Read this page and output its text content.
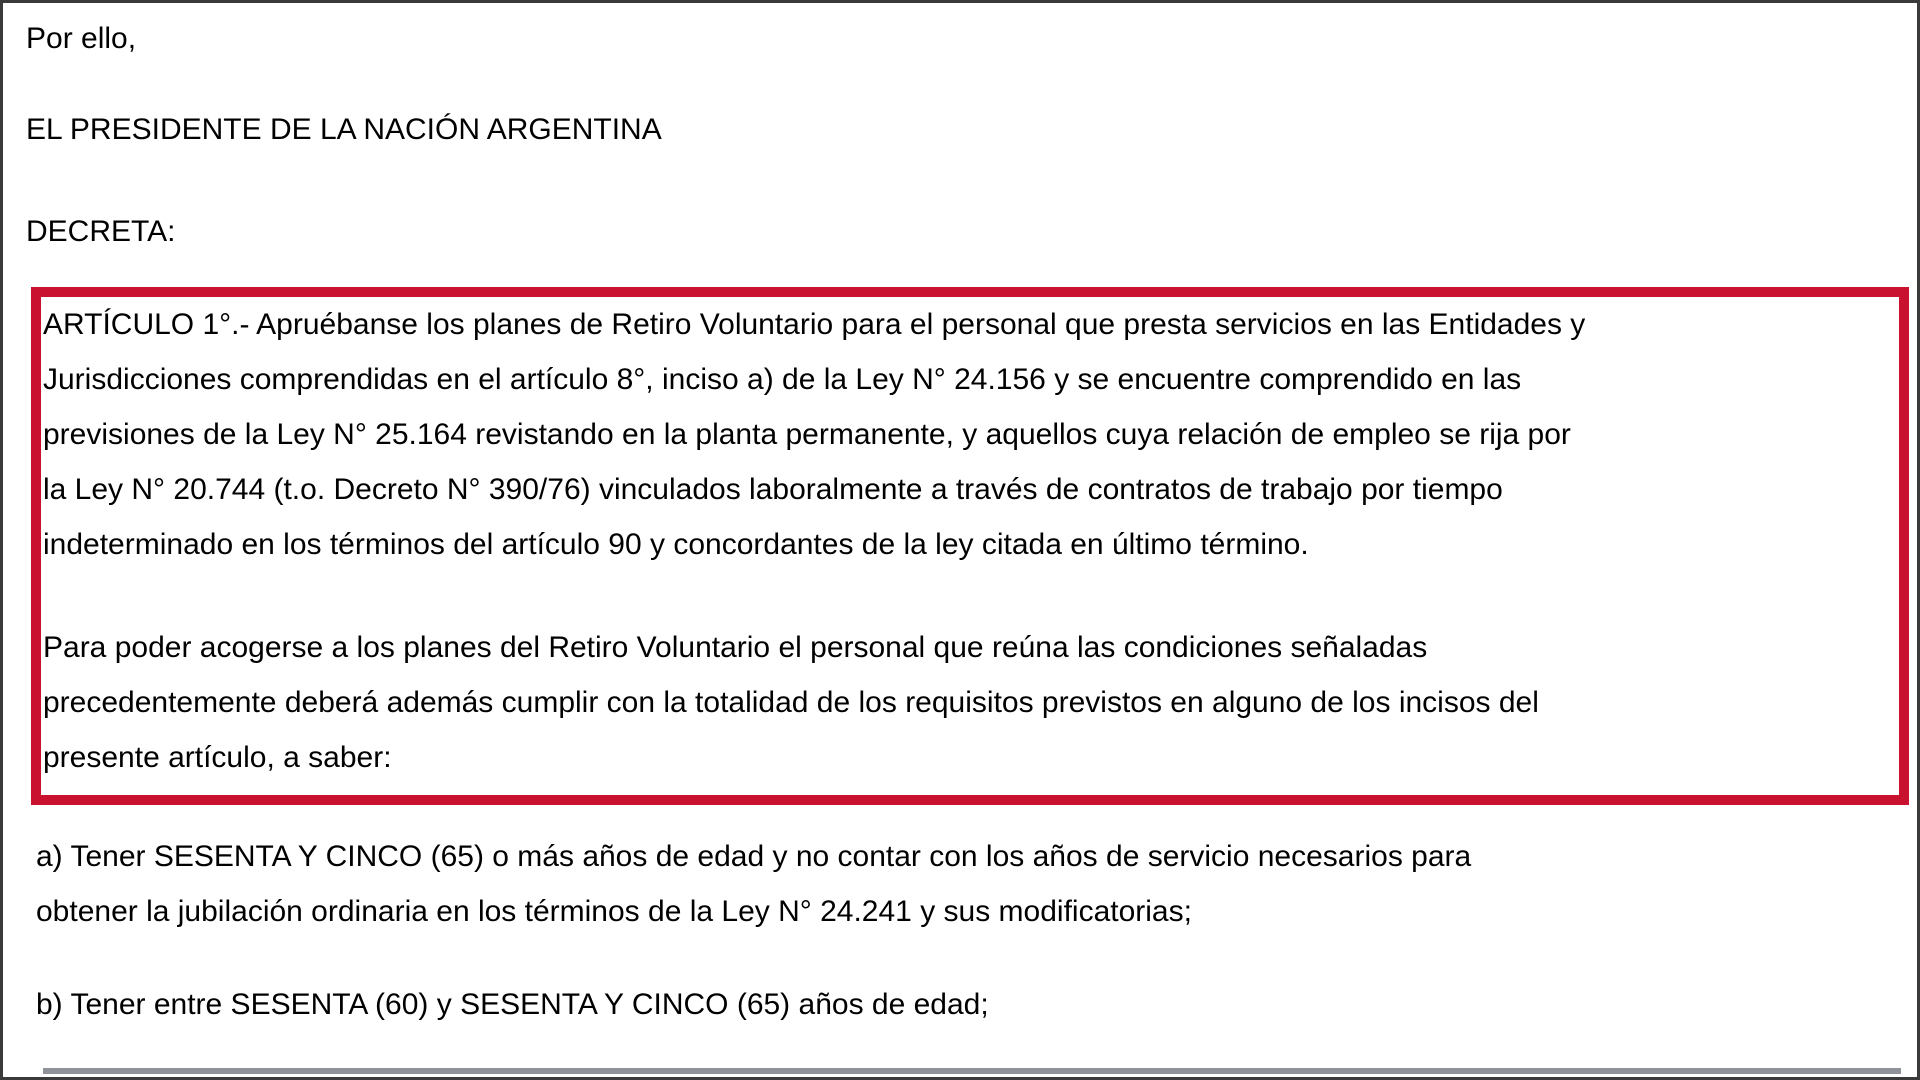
Por ello,
EL PRESIDENTE DE LA NACIÓN ARGENTINA
DECRETA:
ARTÍCULO 1°.- Apruébanse los planes de Retiro Voluntario para el personal que presta servicios en las Entidades y
Jurisdicciones comprendidas en el artículo 8°, inciso a) de la Ley N° 24.156 y se encuentre comprendido en las
previsiones de la Ley N° 25.164 revistando en la planta permanente, y aquellos cuya relación de empleo se rija por
la Ley N° 20.744 (t.o. Decreto N° 390/76) vinculados laboralmente a través de contratos de trabajo por tiempo
indeterminado en los términos del artículo 90 y concordantes de la ley citada en último término.
Para poder acogerse a los planes del Retiro Voluntario el personal que reúna las condiciones señaladas
precedentemente deberá además cumplir con la totalidad de los requisitos previstos en alguno de los incisos del
presente artículo, a saber:
a) Tener SESENTA Y CINCO (65) o más años de edad y no contar con los años de servicio necesarios para
obtener la jubilación ordinaria en los términos de la Ley N° 24.241 y sus modificatorias;
b) Tener entre SESENTA (60) y SESENTA Y CINCO (65) años de edad;
